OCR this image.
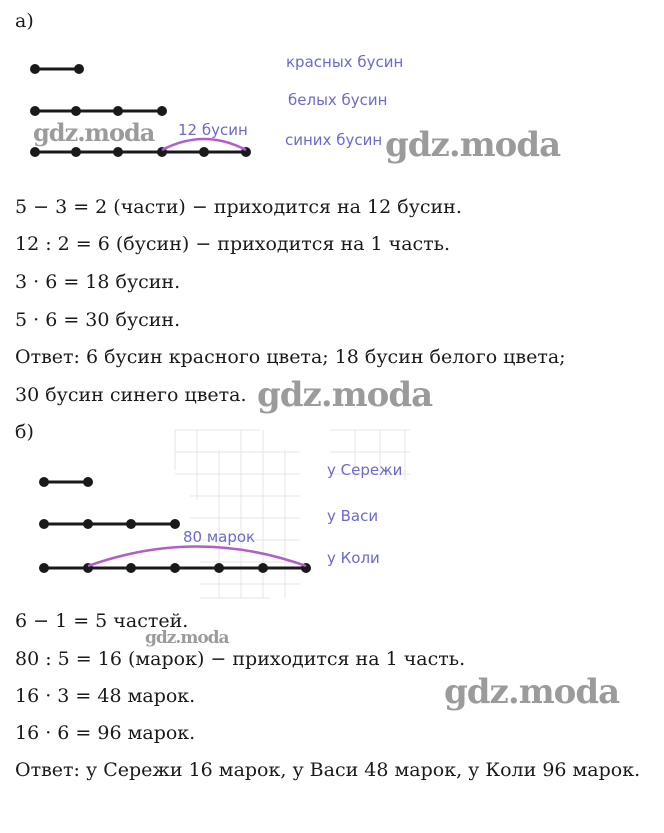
а)
красных бусин
белых бусин
синих бусин
12 бусин
5 − 3 = 2 (части) − приходится на 12 бусин.
12 : 2 = 6 (бусин) − приходится на 1 часть.
3 · 6 = 18 бусин.
5 · 6 = 30 бусин.
Ответ: 6 бусин красного цвета; 18 бусин белого цвета;
30 бусин синего цвета.
б)
у Сережи
у Васи
у Коли
80 марок
6 − 1 = 5 частей.
80 : 5 = 16 (марок) − приходится на 1 часть.
16 · 3 = 48 марок.
16 · 6 = 96 марок.
Ответ: у Сережи 16 марок, у Васи 48 марок, у Коли 96 марок.
gdz.moda	gdz.moda
gdz.moda
gdz.moda
gdz.moda
